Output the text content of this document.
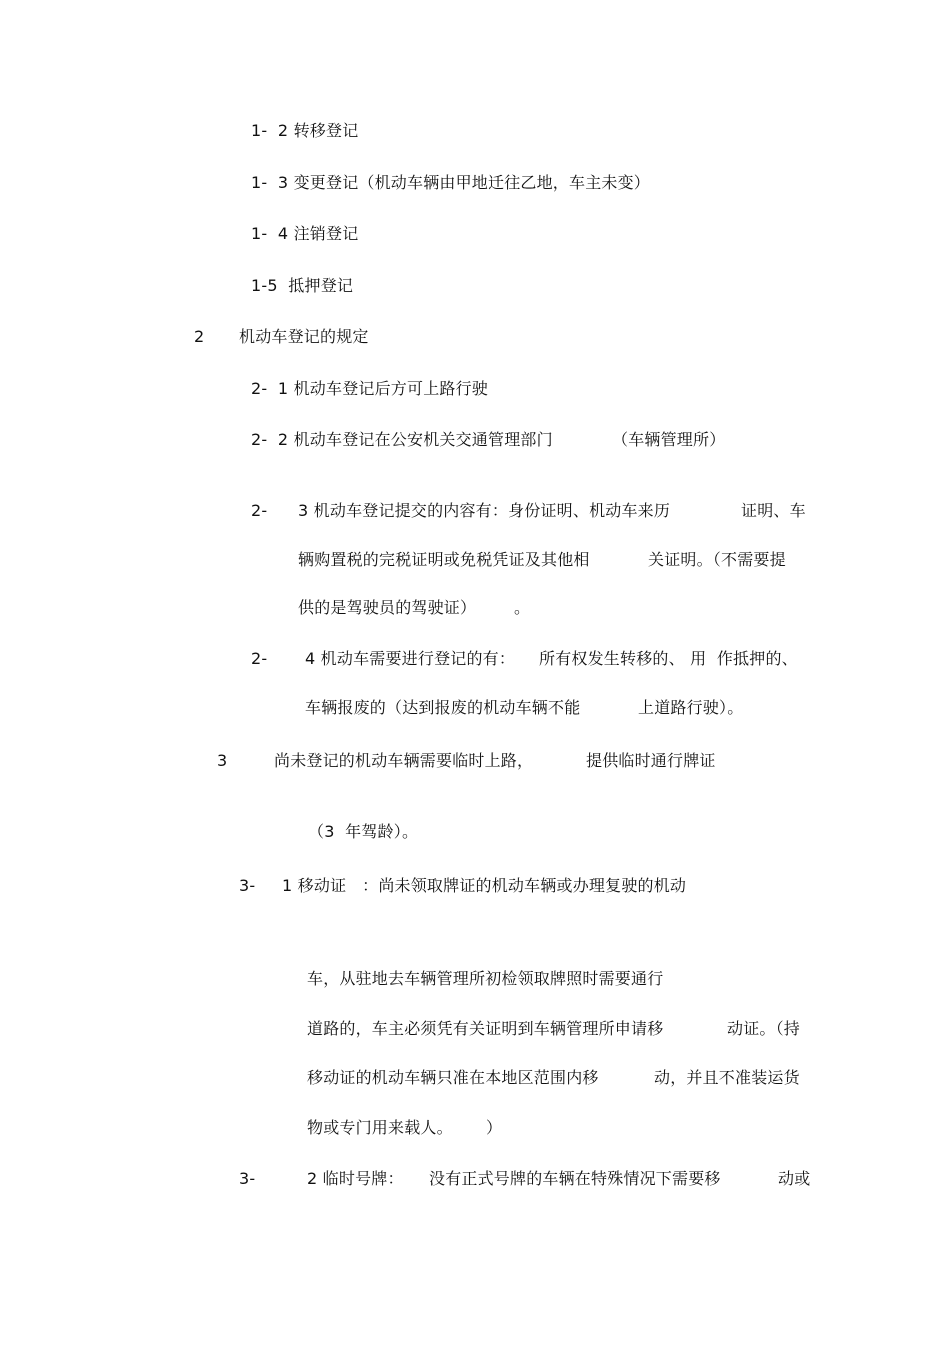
1-  2 转移登记
1-  3 变更登记（机动车辆由甲地迁往乙地，车主未变）
1-  4 注销登记
1-5  抵押登记
2 机动车登记的规定
2-  1 机动车登记后方可上路行驶
2-  2 机动车登记在公安机关交通管理部门	（车辆管理所）
2- 3 机动车登记提交的内容有：身份证明、机动车来历	证明、车
辆购置税的完税证明或免税凭证及其他相	关证明。（不需要提
供的是驾驶员的驾驶证） 。
2- 4 机动车需要进行登记的有： 所有权发生转移的、 用  作抵押的、
车辆报废的（达到报废的机动车辆不能	上道路行驶）。
3	尚未登记的机动车辆需要临时上路，	提供临时通行牌证
（3  年驾龄）。
3- 1 移动证   ：尚未领取牌证的机动车辆或办理复驶的机动
车，从驻地去车辆管理所初检领取牌照时需要通行
道路的，车主必须凭有关证明到车辆管理所申请移	动证。（持
移动证的机动车辆只准在本地区范围内移	动，并且不准装运货
物或专门用来载人。 ）
3-	2 临时号牌： 没有正式号牌的车辆在特殊情况下需要移	动或
